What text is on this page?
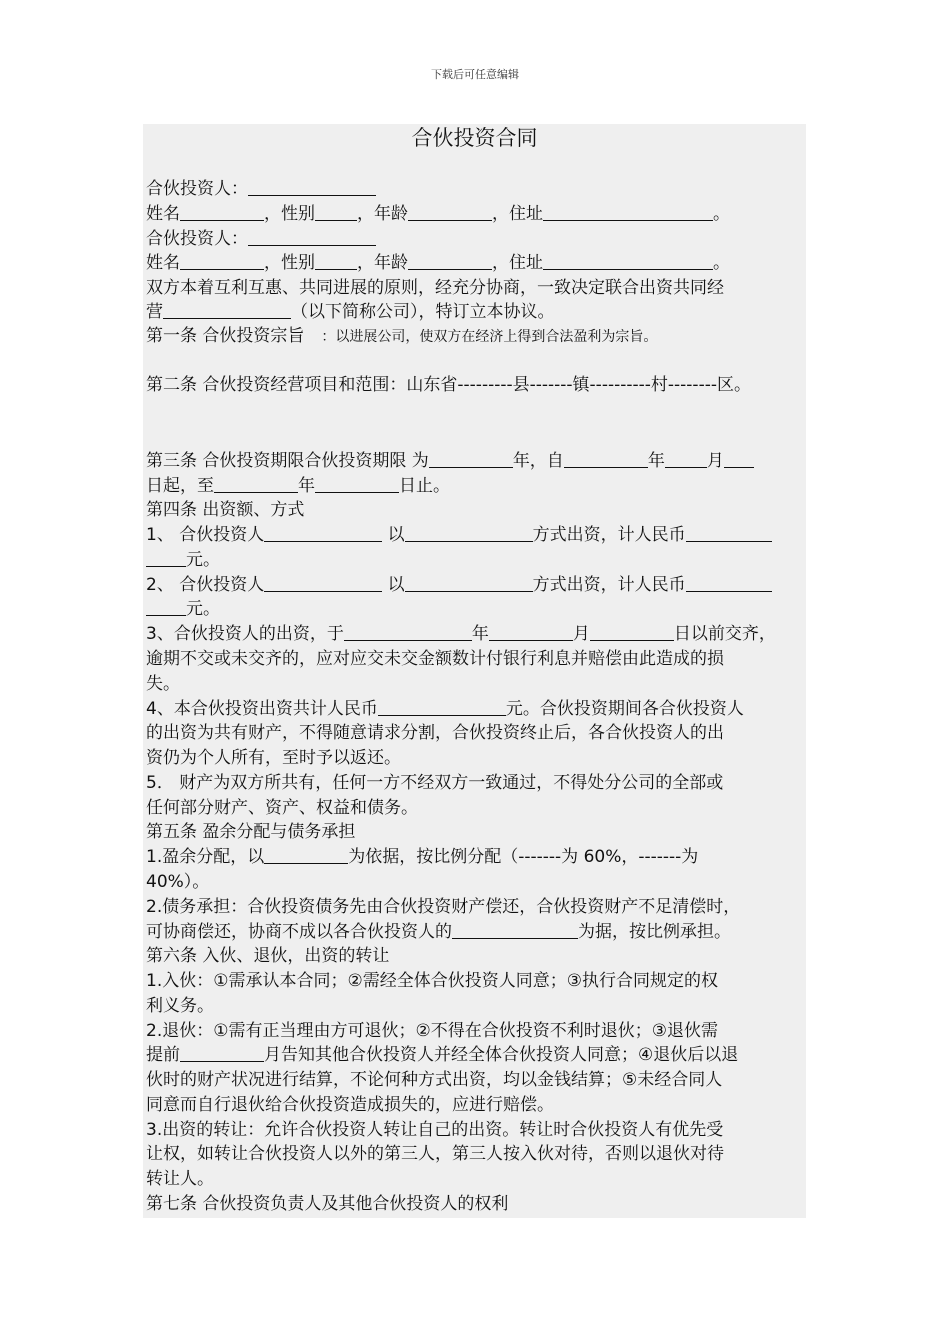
下载后可任意编辑
合伙投资合同
合伙投资人：
姓名	，性别 ，年龄	，住址	。
合伙投资人：
姓名	，性别 ，年龄	，住址	。
双方本着互利互惠、共同进展的原则，经充分协商，一致决定联合出资共同经
营	（以下简称公司），特订立本协议。
第一条 合伙投资宗旨　：以进展公司，使双方在经济上得到合法盈利为宗旨。
第二条 合伙投资经营项目和范围：山东省---------县-------镇----------村--------区。
第三条 合伙投资期限合伙投资期限 为	年，自	年 月
日起，至	年	日止。
第四条 出资额、方式
1、 合伙投资人	以	方式出资，计人民币
元。
2、 合伙投资人	以	方式出资，计人民币
元。
3、合伙投资人的出资，于	年	月	日以前交齐，
逾期不交或未交齐的，应对应交未交金额数计付银行利息并赔偿由此造成的损
失。
4、本合伙投资出资共计人民币	元。合伙投资期间各合伙投资人
的出资为共有财产，不得随意请求分割，合伙投资终止后，各合伙投资人的出
资仍为个人所有，至时予以返还。
5． 财产为双方所共有，任何一方不经双方一致通过，不得处分公司的全部或
任何部分财产、资产、权益和债务。
第五条 盈余分配与债务承担
1.盈余分配，以	为依据，按比例分配（-------为 60%，-------为
40%）。
2.债务承担：合伙投资债务先由合伙投资财产偿还，合伙投资财产不足清偿时，
可协商偿还，协商不成以各合伙投资人的	为据，按比例承担。
第六条 入伙、退伙，出资的转让
1.入伙：①需承认本合同；②需经全体合伙投资人同意；③执行合同规定的权
利义务。
2.退伙：①需有正当理由方可退伙；②不得在合伙投资不利时退伙；③退伙需
提前	月告知其他合伙投资人并经全体合伙投资人同意；④退伙后以退
伙时的财产状况进行结算，不论何种方式出资，均以金钱结算；⑤未经合同人
同意而自行退伙给合伙投资造成损失的，应进行赔偿。
3.出资的转让：允许合伙投资人转让自己的出资。转让时合伙投资人有优先受
让权，如转让合伙投资人以外的第三人，第三人按入伙对待，否则以退伙对待
转让人。
第七条 合伙投资负责人及其他合伙投资人的权利
